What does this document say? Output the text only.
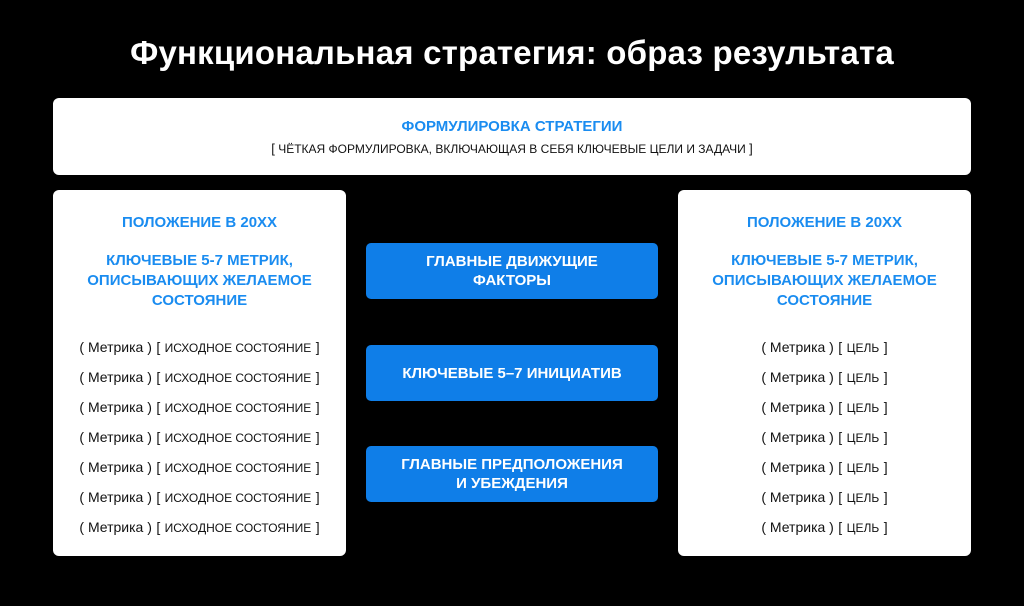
Функциональная стратегия: образ результата
ФОРМУЛИРОВКА СТРАТЕГИИ
[ ЧЁТКАЯ ФОРМУЛИРОВКА, ВКЛЮЧАЮЩАЯ В СЕБЯ КЛЮЧЕВЫЕ ЦЕЛИ И ЗАДАЧИ ]
ПОЛОЖЕНИЕ В 20ХХ
КЛЮЧЕВЫЕ 5-7 МЕТРИК, ОПИСЫВАЮЩИХ ЖЕЛАЕМОЕ СОСТОЯНИЕ
( Метрика ) [ ИСХОДНОЕ СОСТОЯНИЕ ]
( Метрика ) [ ИСХОДНОЕ СОСТОЯНИЕ ]
( Метрика ) [ ИСХОДНОЕ СОСТОЯНИЕ ]
( Метрика ) [ ИСХОДНОЕ СОСТОЯНИЕ ]
( Метрика ) [ ИСХОДНОЕ СОСТОЯНИЕ ]
( Метрика ) [ ИСХОДНОЕ СОСТОЯНИЕ ]
( Метрика ) [ ИСХОДНОЕ СОСТОЯНИЕ ]
ГЛАВНЫЕ ДВИЖУЩИЕ ФАКТОРЫ
КЛЮЧЕВЫЕ 5–7 ИНИЦИАТИВ
ГЛАВНЫЕ ПРЕДПОЛОЖЕНИЯ И УБЕЖДЕНИЯ
ПОЛОЖЕНИЕ В 20ХХ
КЛЮЧЕВЫЕ 5-7 МЕТРИК, ОПИСЫВАЮЩИХ ЖЕЛАЕМОЕ СОСТОЯНИЕ
( Метрика ) [ ЦЕЛЬ ]
( Метрика ) [ ЦЕЛЬ ]
( Метрика ) [ ЦЕЛЬ ]
( Метрика ) [ ЦЕЛЬ ]
( Метрика ) [ ЦЕЛЬ ]
( Метрика ) [ ЦЕЛЬ ]
( Метрика ) [ ЦЕЛЬ ]
